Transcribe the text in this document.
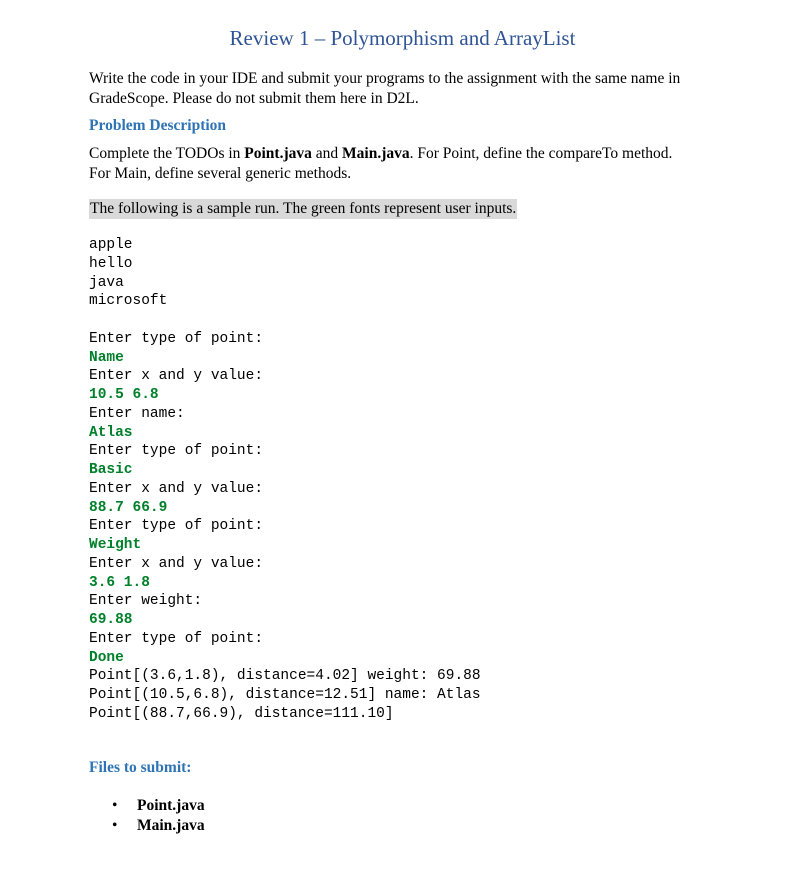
Review 1 – Polymorphism and ArrayList
Write the code in your IDE and submit your programs to the assignment with the same name in
GradeScope. Please do not submit them here in D2L.
Problem Description
Complete the TODOs in Point.java and Main.java. For Point, define the compareTo method.
For Main, define several generic methods.
The following is a sample run. The green fonts represent user inputs.
apple
hello
java
microsoft
Enter type of point:
Name
Enter x and y value:
10.5 6.8
Enter name:
Atlas
Enter type of point:
Basic
Enter x and y value:
88.7 66.9
Enter type of point:
Weight
Enter x and y value:
3.6 1.8
Enter weight:
69.88
Enter type of point:
Done
Point[(3.6,1.8), distance=4.02] weight: 69.88
Point[(10.5,6.8), distance=12.51] name: Atlas
Point[(88.7,66.9), distance=111.10]
Files to submit:
• Point.java
• Main.java
